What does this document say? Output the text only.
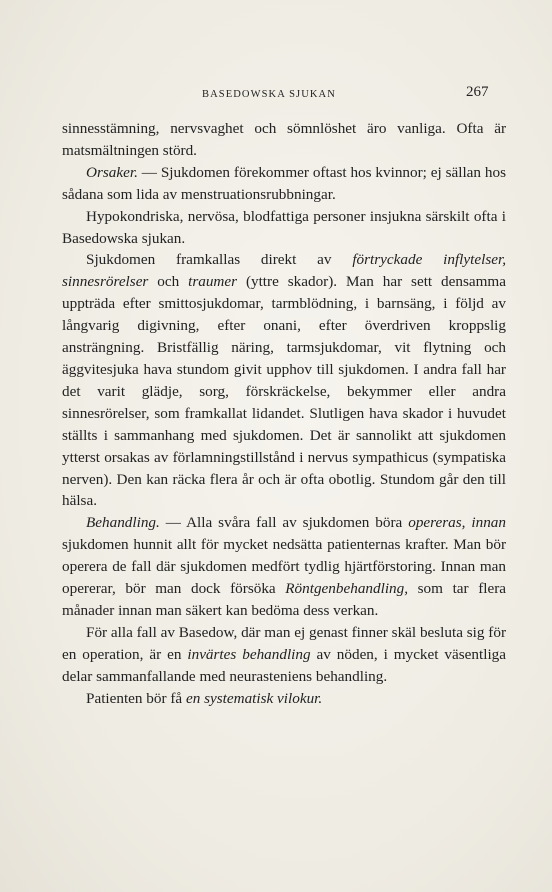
BASEDOWSKA SJUKAN	267

sinnesstämning, nervsvaghet och sömnlöshet äro vanliga. Ofta är matsmältningen störd.

Orsaker. — Sjukdomen förekommer oftast hos kvinnor; ej sällan hos sådana som lida av menstruationsrubbningar.

Hypokondriska, nervösa, blodfattiga personer insjukna särskilt ofta i Basedowska sjukan.

Sjukdomen framkallas direkt av förtryckade inflytelser, sinnesrörelser och traumer (yttre skador). Man har sett densamma uppträda efter smittosjukdomar, tarmblödning, i barnsäng, i följd av långvarig digivning, efter onani, efter överdriven kroppslig ansträngning. Bristfällig näring, tarmsjukdomar, vit flytning och äggvitesjuka hava stundom givit upphov till sjukdomen. I andra fall har det varit glädje, sorg, förskräckelse, bekymmer eller andra sinnesrörelser, som framkallat lidandet. Slutligen hava skador i huvudet ställts i sammanhang med sjukdomen. Det är sannolikt att sjukdomen ytterst orsakas av förlamningstillstånd i nervus sympathicus (sympatiska nerven). Den kan räcka flera år och är ofta obotlig. Stundom går den till hälsa.

Behandling. — Alla svåra fall av sjukdomen böra opereras, innan sjukdomen hunnit allt för mycket nedsätta patienternas krafter. Man bör operera de fall där sjukdomen medfört tydlig hjärtförstoring. Innan man opererar, bör man dock försöka Röntgenbehandling, som tar flera månader innan man säkert kan bedöma dess verkan.

För alla fall av Basedow, där man ej genast finner skäl besluta sig för en operation, är en invärtes behandling av nöden, i mycket väsentliga delar sammanfallande med neurasteniens behandling.

Patienten bör få en systematisk vilokur.
